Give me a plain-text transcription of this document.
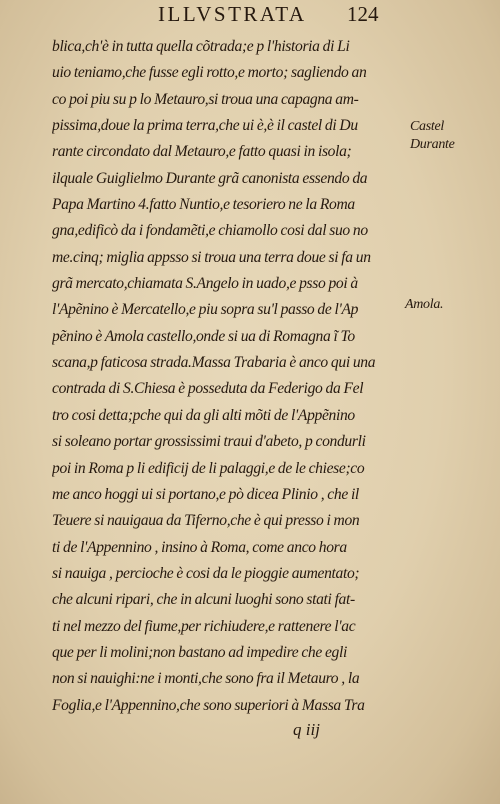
ILLVSTRATA 124
blica,ch'è in tutta quella cõtrada;e p l'historia di Li
uio teniamo,che fusse egli rotto,e morto; sagliendo an
co poi piu su p lo Metauro,si troua una capagna am-
pissima,doue la prima terra,che ui è,è il castel di Du
rante circondato dal Metauro,e fatto quasi in isola;
ilquale Guiglielmo Durante grã canonista essendo da
Papa Martino 4.fatto Nuntio,e tesoriero ne la Roma
gna,edificò da i fondamẽti,e chiamollo cosi dal suo no
me.cinq; miglia appsso si troua una terra doue si fa un
grã mercato,chiamata S.Angelo in uado,e psso poi à
l'Apẽnino è Mercatello,e piu sopra su'l passo de l'Ap
pẽnino è Amola castello,onde si ua di Romagna ĩ To
scana,p faticosa strada.Massa Trabaria è anco qui una
contrada di S.Chiesa è posseduta da Federigo da Fel
tro cosi detta;pche qui da gli alti mõti de l'Appẽnino
si soleano portar grossissimi traui d'abeto, p condurli
poi in Roma p li edificij de li palaggi,e de le chiese;co
me anco hoggi ui si portano,e pò dicea Plinio , che il
Teuere si nauigaua da Tiferno,che è qui presso i mon
ti de l'Appennino , insino à Roma, come anco hora
si nauiga , percioche è cosi da le pioggie aumentato;
che alcuni ripari, che in alcuni luoghi sono stati fat-
ti nel mezzo del fiume,per richiudere,e rattenere l'ac
que per li molini;non bastano ad impedire che egli
non si nauighi:ne i monti,che sono fra il Metauro , la
Foglia,e l'Appennino,che sono superiori à Massa Tra
Castel
Durante
Amola.
q iij
